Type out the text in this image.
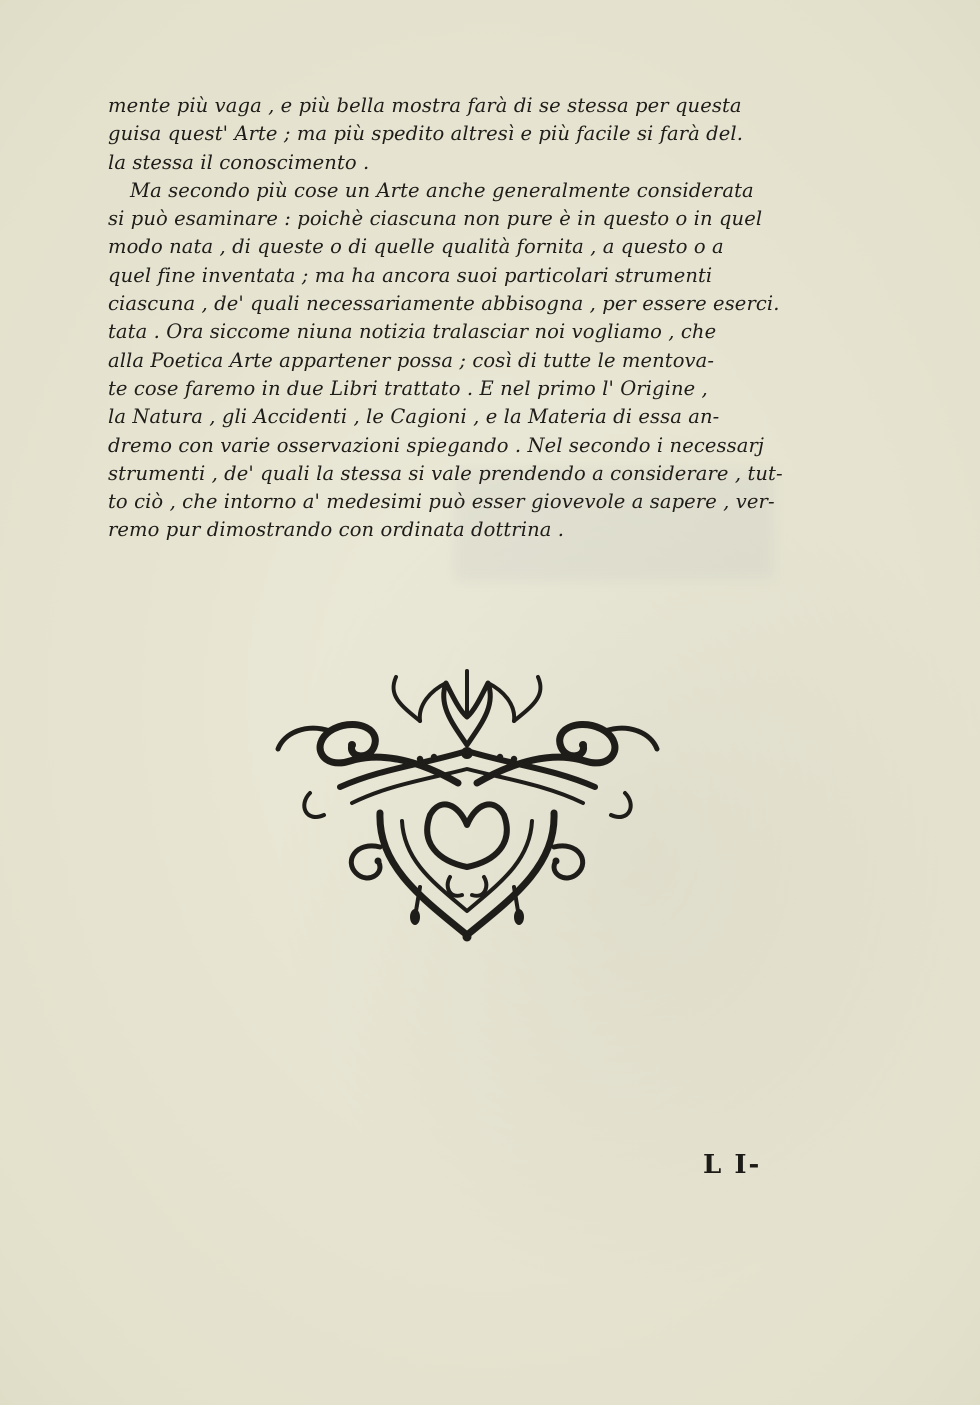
mente più vaga , e più bella mostra farà di se stessa per questa
guisa quest' Arte ; ma più spedito altresì e più facile si farà del.
la stessa il conoscimento .
Ma secondo più cose un Arte anche generalmente considerata
si può esaminare : poichè ciascuna non pure è in questo o in quel
modo nata , di queste o di quelle qualità fornita , a questo o a
quel fine inventata ; ma ha ancora suoi particolari strumenti
ciascuna , de' quali necessariamente abbisogna , per essere eserci.
tata . Ora siccome niuna notizia tralasciar noi vogliamo , che
alla Poetica Arte appartener possa ; così di tutte le mentova-
te cose faremo in due Libri trattato . E nel primo l' Origine ,
la Natura , gli Accidenti , le Cagioni , e la Materia di essa an-
dremo con varie osservazioni spiegando . Nel secondo i necessarj
strumenti , de' quali la stessa si vale prendendo a considerare , tut-
to ciò , che intorno a' medesimi può esser giovevole a sapere , ver-
remo pur dimostrando con ordinata dottrina .
L I-
